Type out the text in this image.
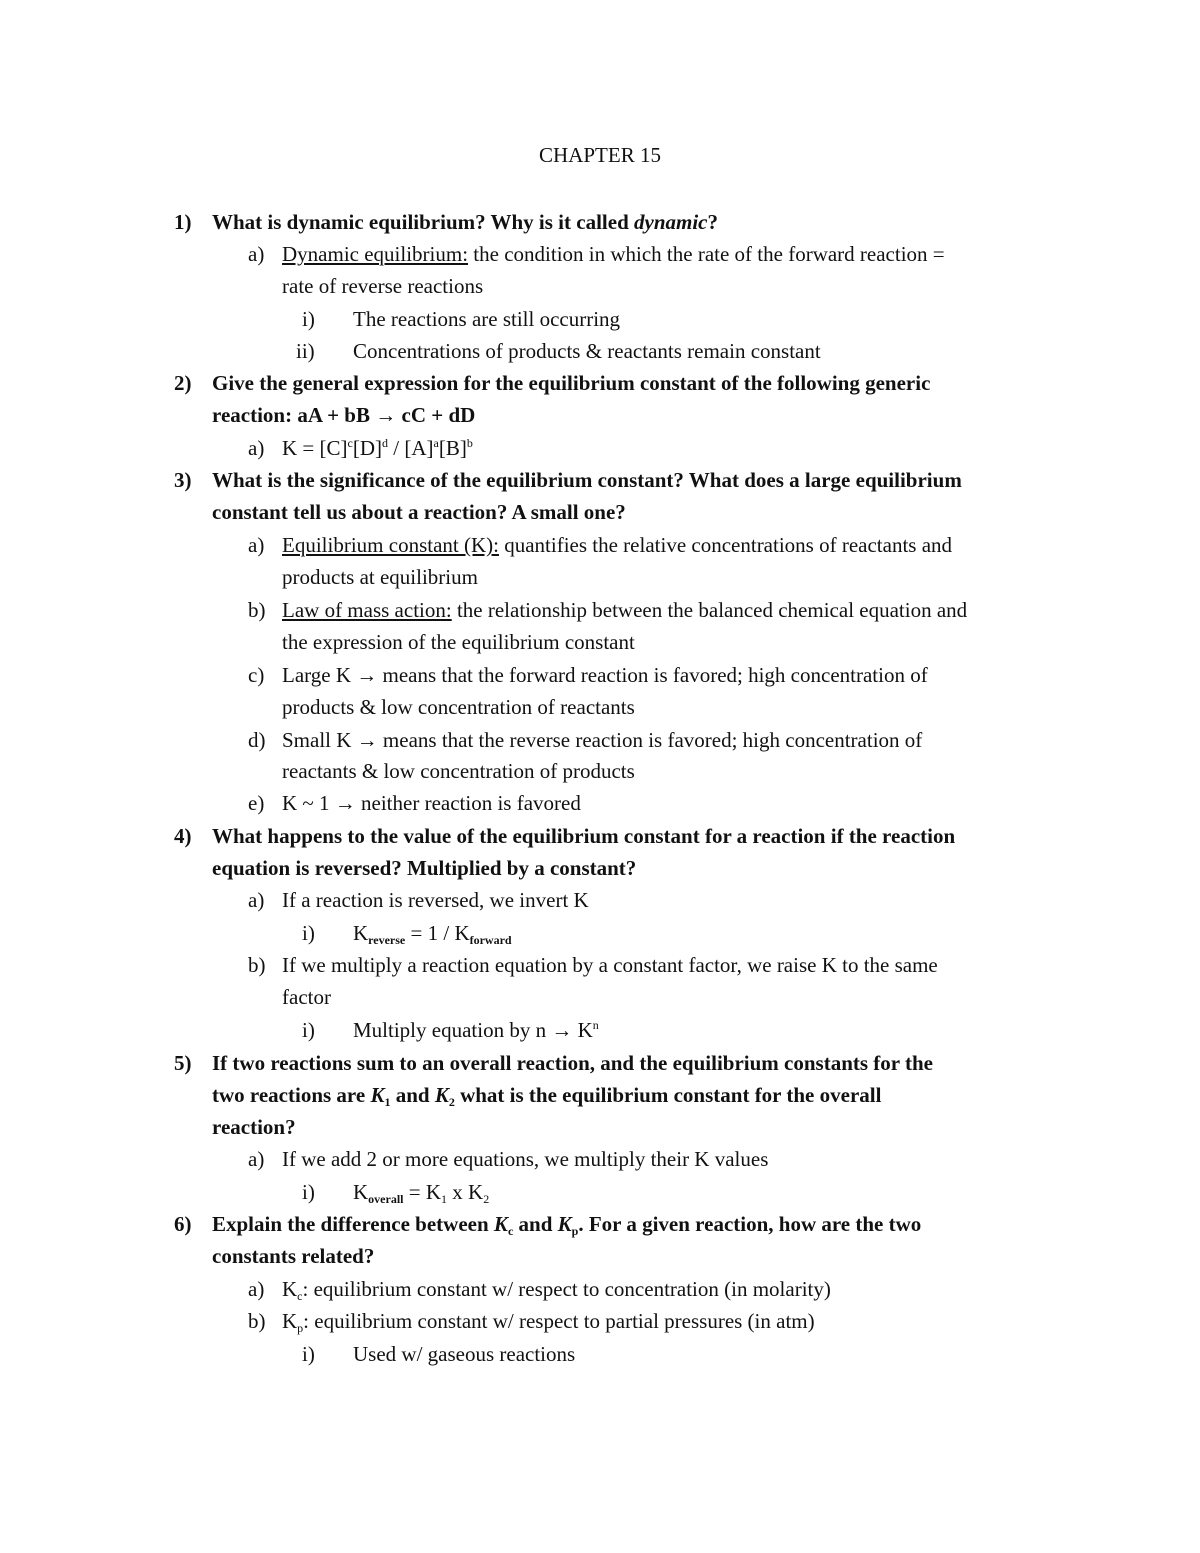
CHAPTER 15
1) What is dynamic equilibrium? Why is it called dynamic?
a) Dynamic equilibrium: the condition in which the rate of the forward reaction =
rate of reverse reactions
i) The reactions are still occurring
ii) Concentrations of products & reactants remain constant
2) Give the general expression for the equilibrium constant of the following generic
reaction: aA + bB → cC + dD
a) $K = [C]^c[D]^d / [A]^a[B]^b$
3) What is the significance of the equilibrium constant? What does a large equilibrium
constant tell us about a reaction? A small one?
a) Equilibrium constant (K): quantifies the relative concentrations of reactants and
products at equilibrium
b) Law of mass action: the relationship between the balanced chemical equation and
the expression of the equilibrium constant
c) Large K → means that the forward reaction is favored; high concentration of
products & low concentration of reactants
d) Small K → means that the reverse reaction is favored; high concentration of
reactants & low concentration of products
e) K ~ 1 → neither reaction is favored
4) What happens to the value of the equilibrium constant for a reaction if the reaction
equation is reversed? Multiplied by a constant?
a) If a reaction is reversed, we invert K
i) $K_{reverse} = 1 / K_{forward}$
b) If we multiply a reaction equation by a constant factor, we raise K to the same
factor
i) Multiply equation by $n \to K^n$
5) If two reactions sum to an overall reaction, and the equilibrium constants for the
two reactions are $K_1$ and $K_2$ what is the equilibrium constant for the overall
reaction?
a) If we add 2 or more equations, we multiply their K values
i) $K_{overall} = K_1$ x $K_2$
6) Explain the difference between $K_c$ and $K_p$. For a given reaction, how are the two
constants related?
a) $K_c$: equilibrium constant w/ respect to concentration (in molarity)
b) $K_p$: equilibrium constant w/ respect to partial pressures (in atm)
i) Used w/ gaseous reactions
